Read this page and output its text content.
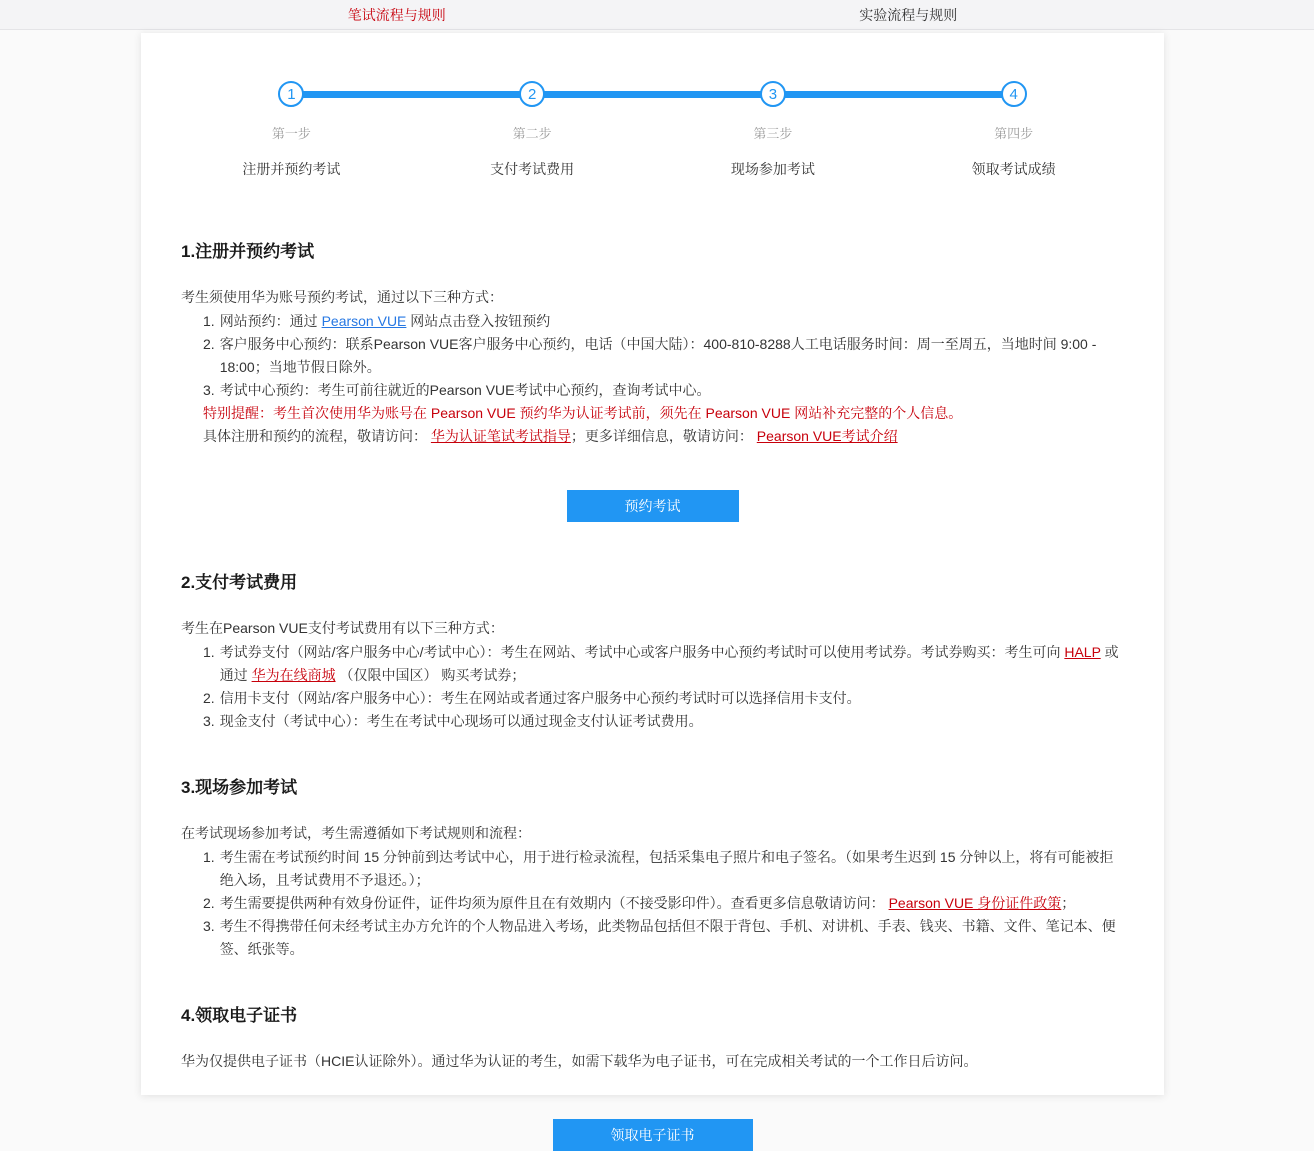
笔试流程与规则	实验流程与规则
1
第一步
注册并预约考试
2
第二步
支付考试费用
3
第三步
现场参加考试
4
第四步
领取考试成绩
1.注册并预约考试
考生须使用华为账号预约考试，通过以下三种方式：
1. 网站预约：通过 Pearson VUE 网站点击登入按钮预约
2. 客户服务中心预约：联系Pearson VUE客户服务中心预约，电话（中国大陆）：400-810-8288人工电话服务时间：周一至周五，当地时间 9:00 - 18:00；当地节假日除外。
3. 考试中心预约：考生可前往就近的Pearson VUE考试中心预约，查询考试中心。
特别提醒：考生首次使用华为账号在 Pearson VUE 预约华为认证考试前，须先在 Pearson VUE 网站补充完整的个人信息。
具体注册和预约的流程，敬请访问： 华为认证笔试考试指导；更多详细信息，敬请访问： Pearson VUE考试介绍
预约考试
2.支付考试费用
考生在Pearson VUE支付考试费用有以下三种方式：
1. 考试券支付（网站/客户服务中心/考试中心）：考生在网站、考试中心或客户服务中心预约考试时可以使用考试券。考试券购买：考生可向 HALP 或通过 华为在线商城 （仅限中国区） 购买考试券；
2. 信用卡支付（网站/客户服务中心）：考生在网站或者通过客户服务中心预约考试时可以选择信用卡支付。
3. 现金支付（考试中心）：考生在考试中心现场可以通过现金支付认证考试费用。
3.现场参加考试
在考试现场参加考试，考生需遵循如下考试规则和流程：
1. 考生需在考试预约时间 15 分钟前到达考试中心，用于进行检录流程，包括采集电子照片和电子签名。（如果考生迟到 15 分钟以上，将有可能被拒绝入场，且考试费用不予退还。）；
2. 考生需要提供两种有效身份证件，证件均须为原件且在有效期内（不接受影印件）。查看更多信息敬请访问： Pearson VUE 身份证件政策；
3. 考生不得携带任何未经考试主办方允许的个人物品进入考场，此类物品包括但不限于背包、手机、对讲机、手表、钱夹、书籍、文件、笔记本、便签、纸张等。
4.领取电子证书
华为仅提供电子证书（HCIE认证除外）。通过华为认证的考生，如需下载华为电子证书，可在完成相关考试的一个工作日后访问。
领取电子证书
